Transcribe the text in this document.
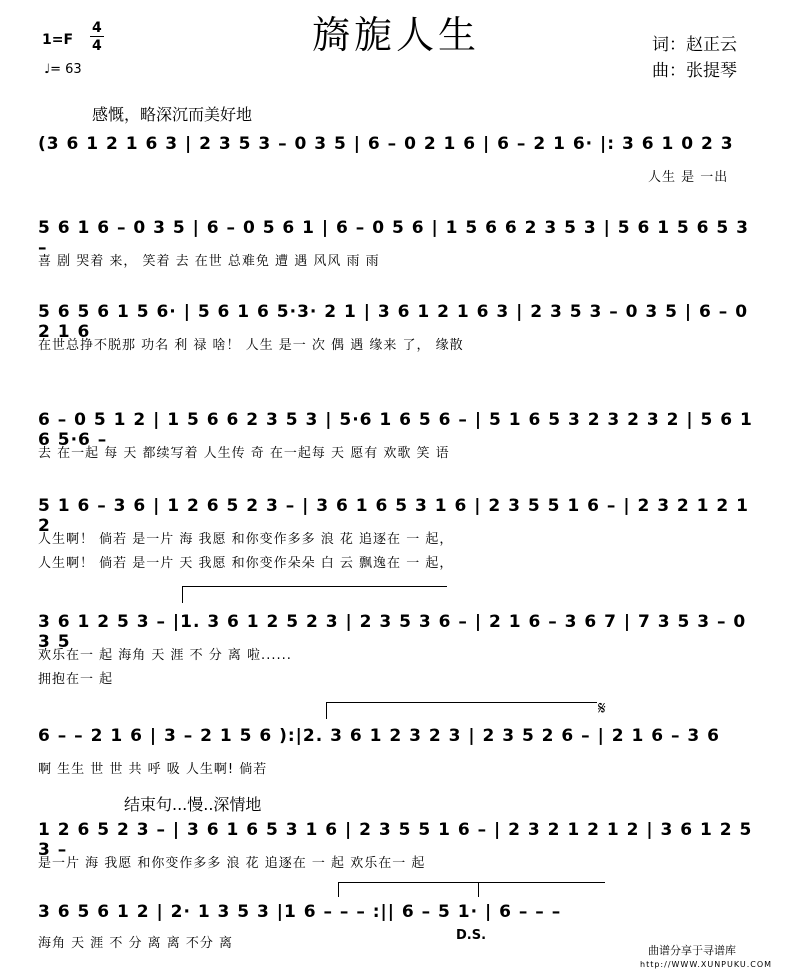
旖旎人生
1=F
4
4
♩= 63
词：赵正云
曲：张提琴
感慨，略深沉而美好地
结束句...慢..深情地
(3 6 1 2 1 6 3 | 2 3 5 3 – 0 3 5 | 6 – 0 2 1 6 | 6 – 2 1 6· |: 3 6 1 0 2 3
人生 是 一出
5 6 1 6 – 0 3 5 | 6 – 0 5 6 1 | 6 – 0 5 6 | 1 5 6 6 2 3 5 3 | 5 6 1 5 6 5 3 –
喜 剧 哭着 来， 笑着 去 在世 总难免 遭 遇 风风 雨 雨
5 6 5 6 1 5 6· | 5 6 1 6 5·3· 2 1 | 3 6 1 2 1 6 3 | 2 3 5 3 – 0 3 5 | 6 – 0 2 1 6
在世总挣不脱那 功名 利 禄 啥！ 人生 是一 次 偶 遇 缘来 了， 缘散
6 – 0 5 1 2 | 1 5 6 6 2 3 5 3 | 5·6 1 6 5 6 – | 5 1 6 5 3 2 3 2 3 2 | 5 6 1 6 5·6 –
去 在一起 每 天 都续写着 人生传 奇 在一起每 天 愿有 欢歌 笑 语
5 1 6 – 3 6 | 1 2 6 5 2 3 – | 3 6 1 6 5 3 1 6 | 2 3 5 5 1 6 – | 2 3 2 1 2 1 2
人生啊！ 倘若 是一片 海 我愿 和你变作多多 浪 花 追逐在 一 起，
人生啊！ 倘若 是一片 天 我愿 和你变作朵朵 白 云 飘逸在 一 起，
3 6 1 2 5 3 – |1. 3 6 1 2 5 2 3 | 2 3 5 3 6 – | 2 1 6 – 3 6 7 | 7 3 5 3 – 0 3 5
欢乐在一 起 海角 天 涯 不 分 离 啦......
拥抱在一 起
𝄋
6 – – 2 1 6 | 3 – 2 1 5 6 ):|2. 3 6 1 2 3 2 3 | 2 3 5 2 6 – | 2 1 6 – 3 6
啊 生生 世 世 共 呼 吸 人生啊! 倘若
1 2 6 5 2 3 – | 3 6 1 6 5 3 1 6 | 2 3 5 5 1 6 – | 2 3 2 1 2 1 2 | 3 6 1 2 5 3 –
是一片 海 我愿 和你变作多多 浪 花 追逐在 一 起 欢乐在一 起
3 6 5 6 1 2 | 2· 1 3 5 3 |1 6 – – – :|| 6 – 5 1· | 6 – – –
海角 天 涯 不 分 离 离 不分 离
D.S.
曲谱分享于寻谱库
http://WWW.XUNPUKU.COM
